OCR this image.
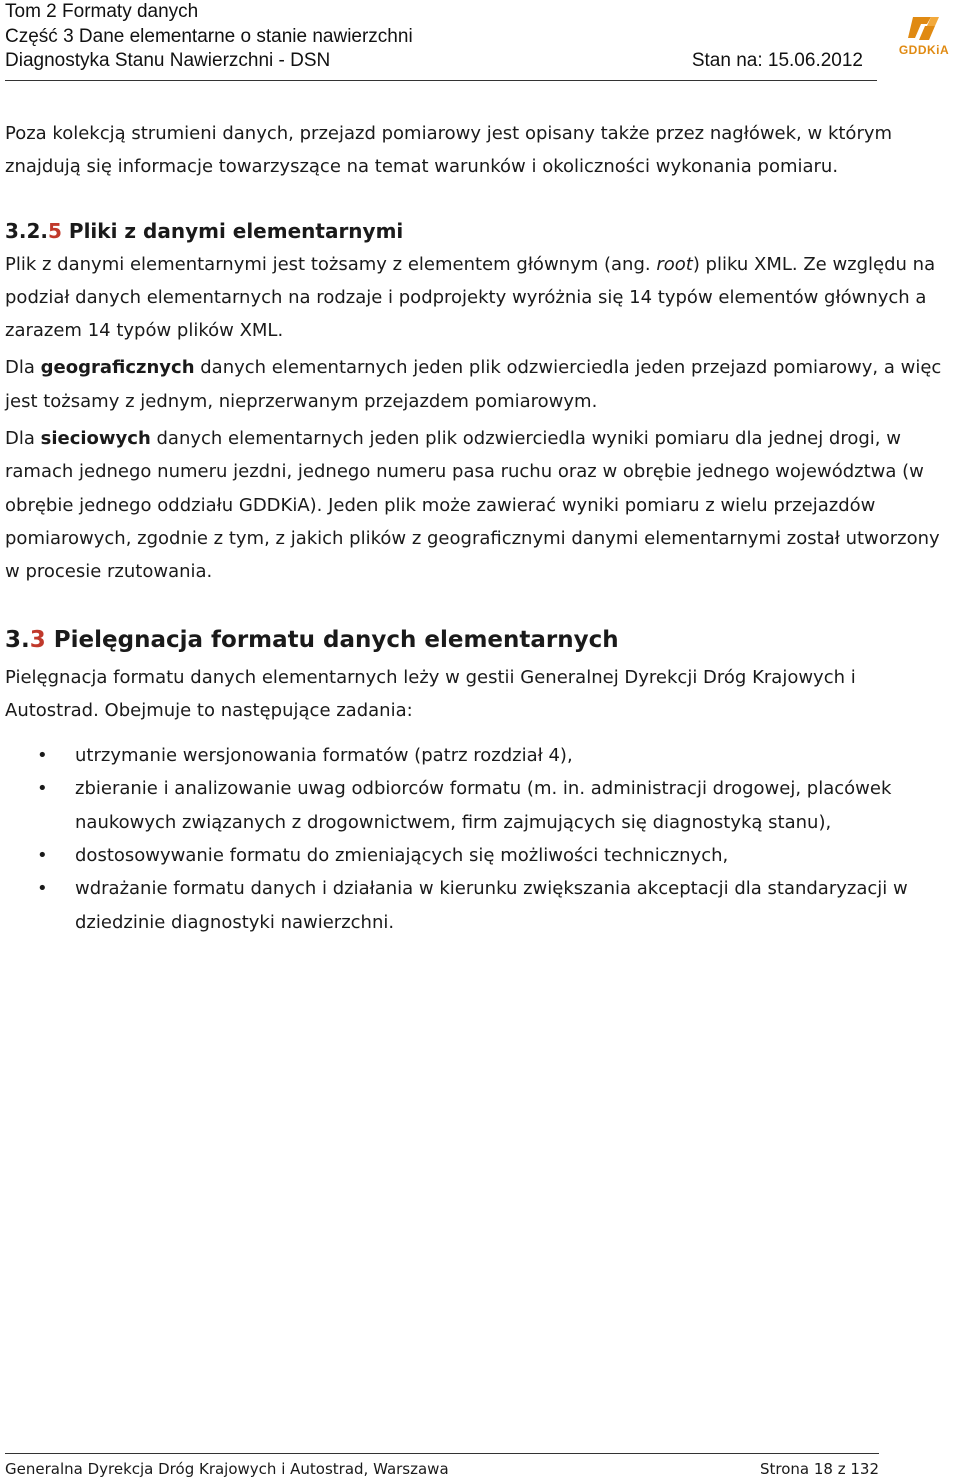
Tom 2 Formaty danych
Część 3 Dane elementarne o stanie nawierzchni
Diagnostyka Stanu Nawierzchni - DSN	Stan na: 15.06.2012	GDDKiA

Poza kolekcją strumieni danych, przejazd pomiarowy jest opisany także przez nagłówek, w którym znajdują się informacje towarzyszące na temat warunków i okoliczności wykonania pomiaru.

3.2.5 Pliki z danymi elementarnymi

Plik z danymi elementarnymi jest tożsamy z elementem głównym (ang. root) pliku XML. Ze względu na podział danych elementarnych na rodzaje i podprojekty wyróżnia się 14 typów elementów głównych a zarazem 14 typów plików XML.

Dla geograficznych danych elementarnych jeden plik odzwierciedla jeden przejazd pomiarowy, a więc jest tożsamy z jednym, nieprzerwanym przejazdem pomiarowym.

Dla sieciowych danych elementarnych jeden plik odzwierciedla wyniki pomiaru dla jednej drogi, w ramach jednego numeru jezdni, jednego numeru pasa ruchu oraz w obrębie jednego województwa (w obrębie jednego oddziału GDDKiA). Jeden plik może zawierać wyniki pomiaru z wielu przejazdów pomiarowych, zgodnie z tym, z jakich plików z geograficznymi danymi elementarnymi został utworzony w procesie rzutowania.

3.3 Pielęgnacja formatu danych elementarnych

Pielęgnacja formatu danych elementarnych leży w gestii Generalnej Dyrekcji Dróg Krajowych i Autostrad. Obejmuje to następujące zadania:

• utrzymanie wersjonowania formatów (patrz rozdział 4),
• zbieranie i analizowanie uwag odbiorców formatu (m. in. administracji drogowej, placówek naukowych związanych z drogownictwem, firm zajmujących się diagnostyką stanu),
• dostosowywanie formatu do zmieniających się możliwości technicznych,
• wdrażanie formatu danych i działania w kierunku zwiększania akceptacji dla standaryzacji w dziedzinie diagnostyki nawierzchni.
Generalna Dyrekcja Dróg Krajowych i Autostrad, Warszawa	Strona 18 z 132
